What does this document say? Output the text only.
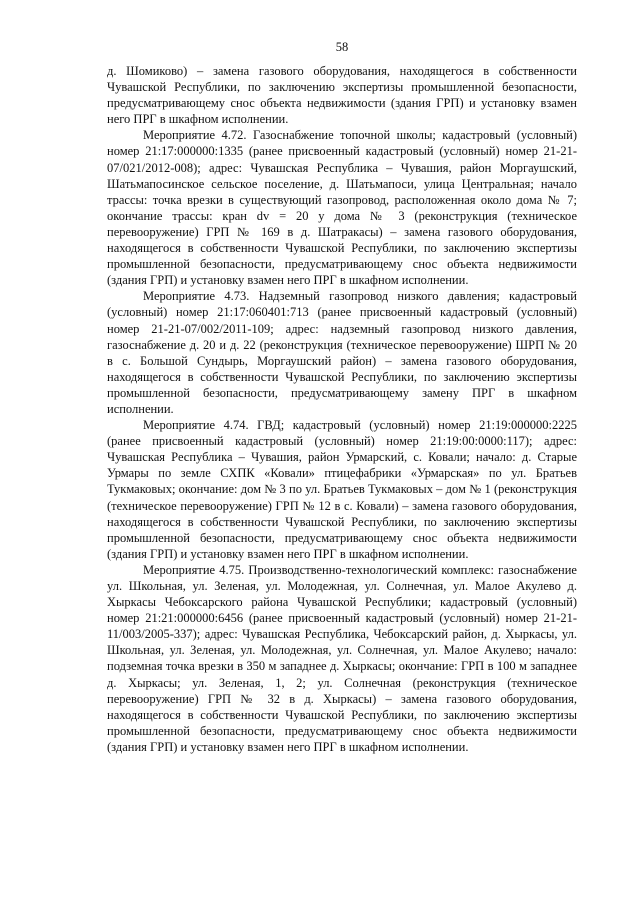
58

д. Шомиково) – замена газового оборудования, находящегося в собственности Чувашской Республики, по заключению экспертизы промышленной безопасности, предусматривающему снос объекта недвижимости (здания ГРП) и установку взамен него ПРГ в шкафном исполнении.

Мероприятие 4.72. Газоснабжение топочной школы; кадастровый (условный) номер 21:17:000000:1335 (ранее присвоенный кадастровый (условный) номер 21-21-07/021/2012-008); адрес: Чувашская Республика – Чувашия, район Моргаушский, Шатьмапосинское сельское поселение, д. Шатьмапоси, улица Центральная; начало трассы: точка врезки в существующий газопровод, расположенная около дома № 7; окончание трассы: кран dv = 20 у дома № 3 (реконструкция (техническое перевооружение) ГРП № 169 в д. Шатракасы) – замена газового оборудования, находящегося в собственности Чувашской Республики, по заключению экспертизы промышленной безопасности, предусматривающему снос объекта недвижимости (здания ГРП) и установку взамен него ПРГ в шкафном исполнении.

Мероприятие 4.73. Надземный газопровод низкого давления; кадастровый (условный) номер 21:17:060401:713 (ранее присвоенный кадастровый (условный) номер 21-21-07/002/2011-109; адрес: надземный газопровод низкого давления, газоснабжение д. 20 и д. 22 (реконструкция (техническое перевооружение) ШРП № 20 в с. Большой Сундырь, Моргаушский район) – замена газового оборудования, находящегося в собственности Чувашской Республики, по заключению экспертизы промышленной безопасности, предусматривающему замену ПРГ в шкафном исполнении.

Мероприятие 4.74. ГВД; кадастровый (условный) номер 21:19:000000:2225 (ранее присвоенный кадастровый (условный) номер 21:19:00:0000:117); адрес: Чувашская Республика – Чувашия, район Урмарский, с. Ковали; начало: д. Старые Урмары по земле СХПК «Ковали» птицефабрики «Урмарская» по ул. Братьев Тукмаковых; окончание: дом № 3 по ул. Братьев Тукмаковых – дом № 1 (реконструкция (техническое перевооружение) ГРП № 12 в с. Ковали) – замена газового оборудования, находящегося в собственности Чувашской Республики, по заключению экспертизы промышленной безопасности, предусматривающему снос объекта недвижимости (здания ГРП) и установку взамен него ПРГ в шкафном исполнении.

Мероприятие 4.75. Производственно-технологический комплекс: газоснабжение ул. Школьная, ул. Зеленая, ул. Молодежная, ул. Солнечная, ул. Малое Акулево д. Хыркасы Чебоксарского района Чувашской Республики; кадастровый (условный) номер 21:21:000000:6456 (ранее присвоенный кадастровый (условный) номер 21-21-11/003/2005-337); адрес: Чувашская Республика, Чебоксарский район, д. Хыркасы, ул. Школьная, ул. Зеленая, ул. Молодежная, ул. Солнечная, ул. Малое Акулево; начало: подземная точка врезки в 350 м западнее д. Хыркасы; окончание: ГРП в 100 м западнее д. Хыркасы; ул. Зеленая, 1, 2; ул. Солнечная (реконструкция (техническое перевооружение) ГРП № 32 в д. Хыркасы) – замена газового оборудования, находящегося в собственности Чувашской Республики, по заключению экспертизы промышленной безопасности, предусматривающему снос объекта недвижимости (здания ГРП) и установку взамен него ПРГ в шкафном исполнении.
